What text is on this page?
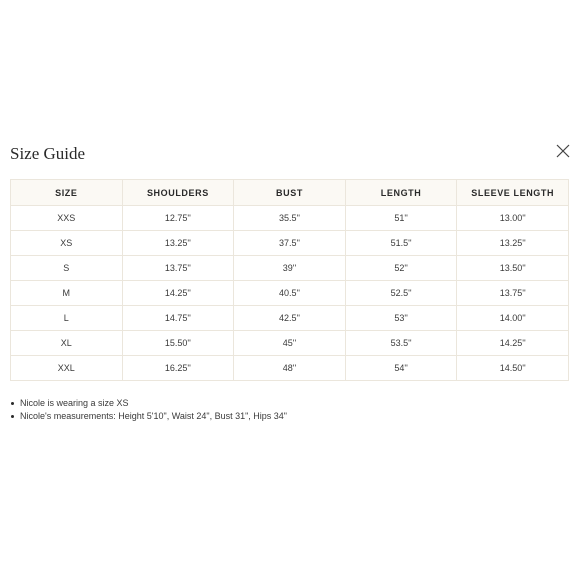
Size Guide
SIZE	SHOULDERS	BUST	LENGTH	SLEEVE LENGTH
XXS	12.75''	35.5''	51''	13.00''
XS	13.25''	37.5''	51.5''	13.25''
S	13.75''	39''	52''	13.50''
M	14.25''	40.5''	52.5''	13.75''
L	14.75''	42.5''	53''	14.00''
XL	15.50''	45''	53.5''	14.25''
XXL	16.25''	48''	54''	14.50''
Nicole is wearing a size XS
Nicole's measurements: Height 5'10", Waist 24", Bust 31", Hips 34"
